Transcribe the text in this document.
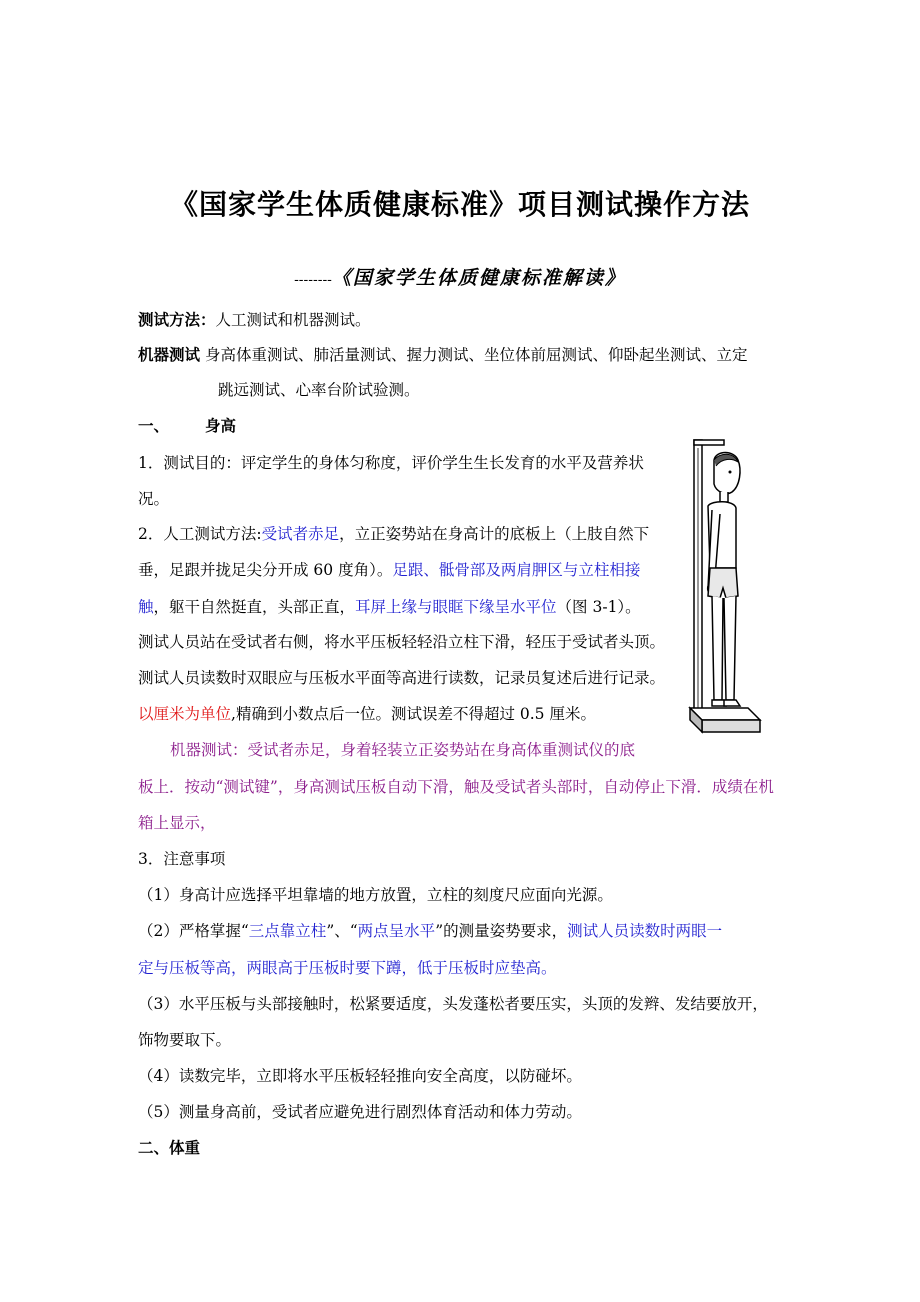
《国家学生体质健康标准》项目测试操作方法
--------《国家学生体质健康标准解读》
测试方法：人工测试和机器测试。
机器测试 身高体重测试、肺活量测试、握力测试、坐位体前屈测试、仰卧起坐测试、立定
跳远测试、心率台阶试验测。
一、 身高
1．测试目的：评定学生的身体匀称度，评价学生生长发育的水平及营养状
况。
2．人工测试方法:受试者赤足，立正姿势站在身高计的底板上（上肢自然下
垂，足跟并拢足尖分开成 60 度角）。足跟、骶骨部及两肩胛区与立柱相接
触，躯干自然挺直，头部正直，耳屏上缘与眼眶下缘呈水平位（图 3-1）。
测试人员站在受试者右侧，将水平压板轻轻沿立柱下滑，轻压于受试者头顶。
测试人员读数时双眼应与压板水平面等高进行读数，记录员复述后进行记录。
以厘米为单位,精确到小数点后一位。测试误差不得超过 0.5 厘米。
机器测试：受试者赤足，身着轻装立正姿势站在身高体重测试仪的底
板上．按动“测试键”，身高测试压板自动下滑，触及受试者头部时，自动停止下滑．成绩在机
箱上显示，
3．注意事项
（1）身高计应选择平坦靠墙的地方放置，立柱的刻度尺应面向光源。
（2）严格掌握“三点靠立柱”、“两点呈水平”的测量姿势要求，测试人员读数时两眼一
定与压板等高，两眼高于压板时要下蹲，低于压板时应垫高。
（3）水平压板与头部接触时，松紧要适度，头发蓬松者要压实，头顶的发辫、发结要放开，
饰物要取下。
（4）读数完毕，立即将水平压板轻轻推向安全高度，以防碰坏。
（5）测量身高前，受试者应避免进行剧烈体育活动和体力劳动。
二、体重
